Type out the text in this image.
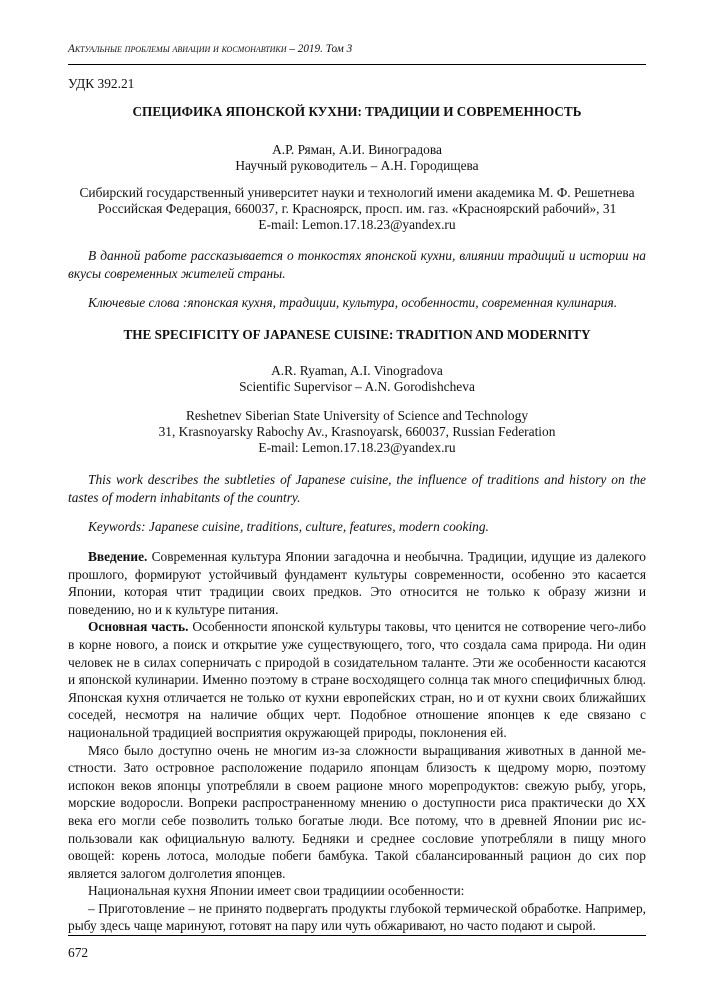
Актуальные проблемы авиации и космонавтики – 2019. Том 3
УДК 392.21
СПЕЦИФИКА ЯПОНСКОЙ КУХНИ: ТРАДИЦИИ И СОВРЕМЕННОСТЬ
А.Р. Ряман, А.И. Виноградова
Научный руководитель – А.Н. Городищева
Сибирский государственный университет науки и технологий имени академика М. Ф. Решетнева
Российская Федерация, 660037, г. Красноярск, просп. им. газ. «Красноярский рабочий», 31
E-mail: Lemon.17.18.23@yandex.ru
В данной работе рассказывается о тонкостях японской кухни, влиянии традиций и истории на вкусы современных жителей страны.
Ключевые слова :японская кухня, традиции, культура, особенности, современная кулинария.
THE SPECIFICITY OF JAPANESE CUISINE: TRADITION AND MODERNITY
A.R. Ryaman, A.I. Vinogradova
Scientific Supervisor – A.N. Gorodishcheva
Reshetnev Siberian State University of Science and Technology
31, Krasnoyarsky Rabochy Av., Krasnoyarsk, 660037, Russian Federation
E-mail: Lemon.17.18.23@yandex.ru
This work describes the subtleties of Japanese cuisine, the influence of traditions and history on the tastes of modern inhabitants of the country.
Keywords: Japanese cuisine, traditions, culture, features, modern cooking.

Введение. Современная культура Японии загадочна и необычна. Традиции, идущие из далекого прошлого, формируют устойчивый фундамент культуры современности, особенно это касается Японии, которая чтит традиции своих предков. Это относится не только к образу жизни и поведению, но и к культуре питания.

Основная часть. Особенности японской культуры таковы, что ценится не сотворение чего-либо в корне нового, а поиск и открытие уже существующего, того, что создала сама природа. Ни один человек не в силах соперничать с природой в созидательном таланте. Эти же особенности касаются и японской кулинарии. Именно поэтому в стране восходящего солнца так много специфичных блюд. Японская кухня отличается не только от кухни европейских стран, но и от кухни своих ближайших соседей, несмотря на наличие общих черт. Подобное отношение японцев к еде связано с национальной традицией восприятия окружающей природы, поклонения ей.

Мясо было доступно очень не многим из-за сложности выращивания животных в данной местности. Зато островное расположение подарило японцам близость к щедрому морю, поэтому испокон веков японцы употребляли в своем рационе много морепродуктов: свежую рыбу, угорь, морские водоросли. Вопреки распространенному мнению о доступности риса практически до XX века его могли себе позволить только богатые люди. Все потому, что в древней Японии рис использовали как официальную валюту. Бедняки и среднее сословие употребляли в пищу много овощей: корень лотоса, молодые побеги бамбука. Такой сбалансированный рацион до сих пор является залогом долголетия японцев.

Национальная кухня Японии имеет свои традициии особенности:

– Приготовление – не принято подвергать продукты глубокой термической обработке. Например, рыбу здесь чаще маринуют, готовят на пару или чуть обжаривают, но часто подают и сырой.

672
